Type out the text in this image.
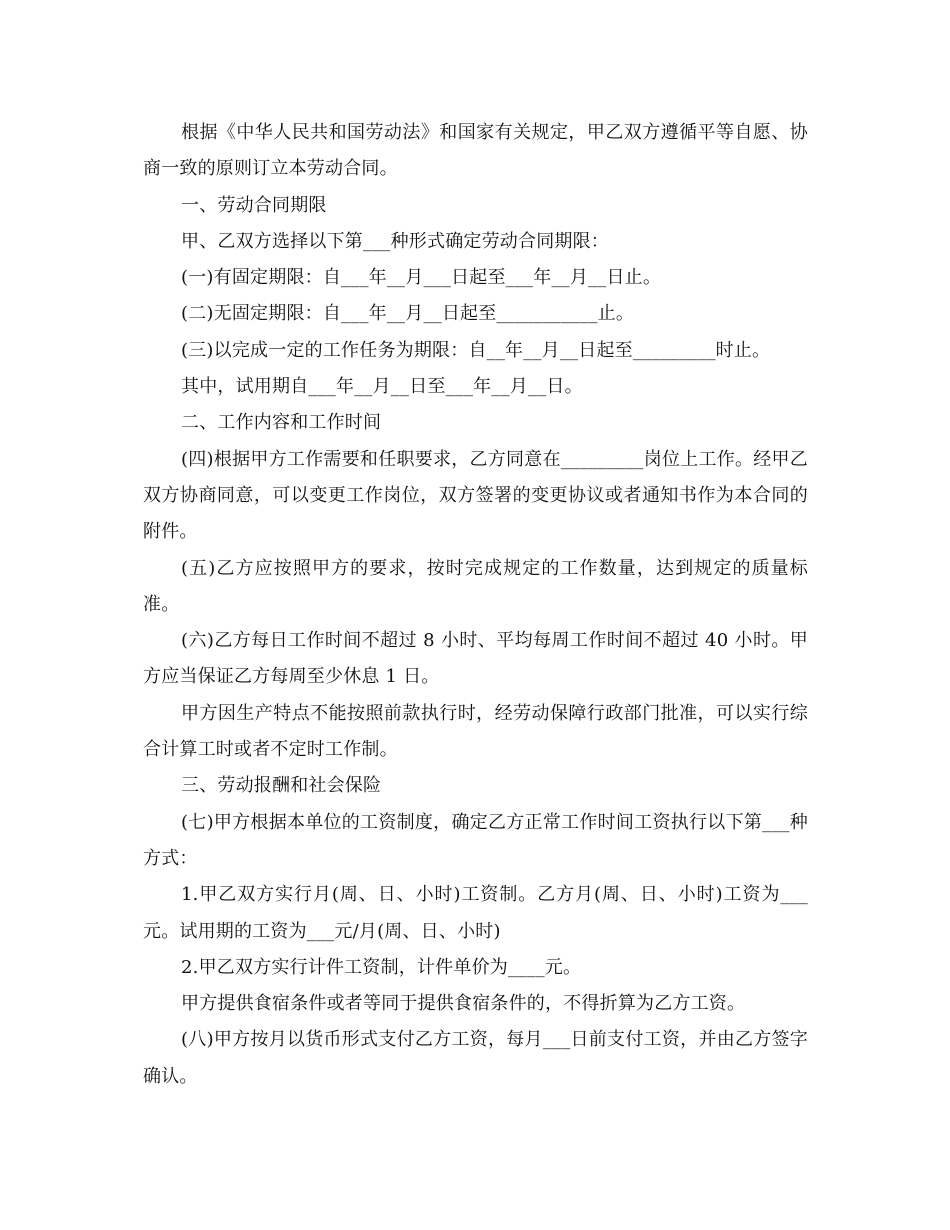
根据《中华人民共和国劳动法》和国家有关规定，甲乙双方遵循平等自愿、协商一致的原则订立本劳动合同。

一、劳动合同期限

甲、乙双方选择以下第___种形式确定劳动合同期限：

(一)有固定期限：自___年__月___日起至___年__月__日止。

(二)无固定期限：自___年__月__日起至___________止。

(三)以完成一定的工作任务为期限：自__年__月__日起至_________时止。

其中，试用期自___年__月__日至___年__月__日。

二、工作内容和工作时间

(四)根据甲方工作需要和任职要求，乙方同意在_________岗位上工作。经甲乙双方协商同意，可以变更工作岗位，双方签署的变更协议或者通知书作为本合同的附件。

(五)乙方应按照甲方的要求，按时完成规定的工作数量，达到规定的质量标准。

(六)乙方每日工作时间不超过 8 小时、平均每周工作时间不超过 40 小时。甲方应当保证乙方每周至少休息 1 日。

甲方因生产特点不能按照前款执行时，经劳动保障行政部门批准，可以实行综合计算工时或者不定时工作制。

三、劳动报酬和社会保险

(七)甲方根据本单位的工资制度，确定乙方正常工作时间工资执行以下第___种方式：

1.甲乙双方实行月(周、日、小时)工资制。乙方月(周、日、小时)工资为___元。试用期的工资为___元/月(周、日、小时)

2.甲乙双方实行计件工资制，计件单价为____元。

甲方提供食宿条件或者等同于提供食宿条件的，不得折算为乙方工资。

(八)甲方按月以货币形式支付乙方工资，每月___日前支付工资，并由乙方签字确认。
